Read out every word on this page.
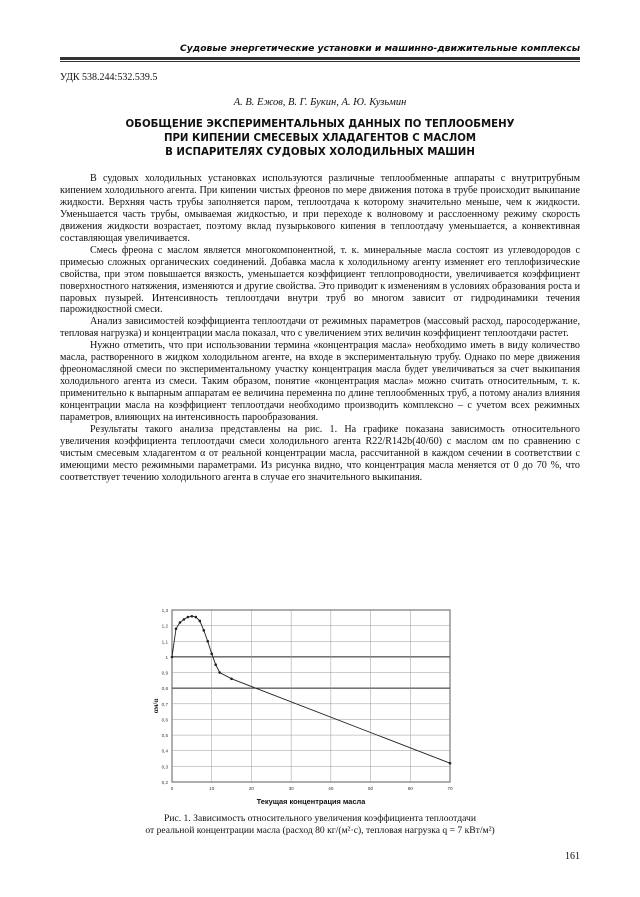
Судовые энергетические установки и машинно-движительные комплексы
УДК 538.244:532.539.5
А. В. Ежов, В. Г. Букин, А. Ю. Кузьмин
ОБОБЩЕНИЕ ЭКСПЕРИМЕНТАЛЬНЫХ ДАННЫХ ПО ТЕПЛООБМЕНУ
ПРИ КИПЕНИИ СМЕСЕВЫХ ХЛАДАГЕНТОВ С МАСЛОМ
В ИСПАРИТЕЛЯХ СУДОВЫХ ХОЛОДИЛЬНЫХ МАШИН

В судовых холодильных установках используются различные теплообменные аппараты с внутритрубным кипением холодильного агента. При кипении чистых фреонов по мере движения потока в трубе происходит выкипание жидкости. Верхняя часть трубы заполняется паром, теплоотдача к которому значительно меньше, чем к жидкости. Уменьшается часть трубы, омываемая жидкостью, и при переходе к волновому и расслоенному режиму скорость движения жидкости возрастает, поэтому вклад пузырькового кипения в теплоотдачу уменьшается, а конвективная составляющая увеличивается.

Смесь фреона с маслом является многокомпонентной, т. к. минеральные масла состоят из углеводородов с примесью сложных органических соединений. Добавка масла к холодильному агенту изменяет его теплофизические свойства, при этом повышается вязкость, уменьшается коэффициент теплопроводности, увеличивается коэффициент поверхностного натяжения, изменяются и другие свойства. Это приводит к изменениям в условиях образования роста и паровых пузырей. Интенсивность теплоотдачи внутри труб во многом зависит от гидродинамики течения парожидкостной смеси.

Анализ зависимостей коэффициента теплоотдачи от режимных параметров (массовый расход, паросодержание, тепловая нагрузка) и концентрации масла показал, что с увеличением этих величин коэффициент теплоотдачи растет.

Нужно отметить, что при использовании термина «концентрация масла» необходимо иметь в виду количество масла, растворенного в жидком холодильном агенте, на входе в экспериментальную трубу. Однако по мере движения фреономасляной смеси по экспериментальному участку концентрация масла будет увеличиваться за счет выкипания холодильного агента из смеси. Таким образом, понятие «концентрация масла» можно считать относительным, т. к. применительно к выпарным аппаратам ее величина переменна по длине теплообменных труб, а потому анализ влияния концентрации масла на коэффициент теплоотдачи необходимо производить комплексно – с учетом всех режимных параметров, влияющих на интенсивность парообразования.

Результаты такого анализа представлены на рис. 1. На графике показана зависимость относительного увеличения коэффициента теплоотдачи смеси холодильного агента R22/R142b(40/60) с маслом αм по сравнению с чистым смесевым хладагентом α от реальной концентрации масла, рассчитанной в каждом сечении в соответствии с имеющими место режимными параметрами. Из рисунка видно, что концентрация масла меняется от 0 до 70 %, что соответствует течению холодильного агента в случае его значительного выкипания.

0,2
0,3
0,4
0,5
0,6
0,7
0,8
0,9
1
1,1
1,2
1,3
0	10	20	30	40	50	60	70
αм/α
Текущая концентрация масла
Рис. 1. Зависимость относительного увеличения коэффициента теплоотдачи
от реальной концентрации масла (расход 80 кг/(м²·с), тепловая нагрузка q = 7 кВт/м²)
161
